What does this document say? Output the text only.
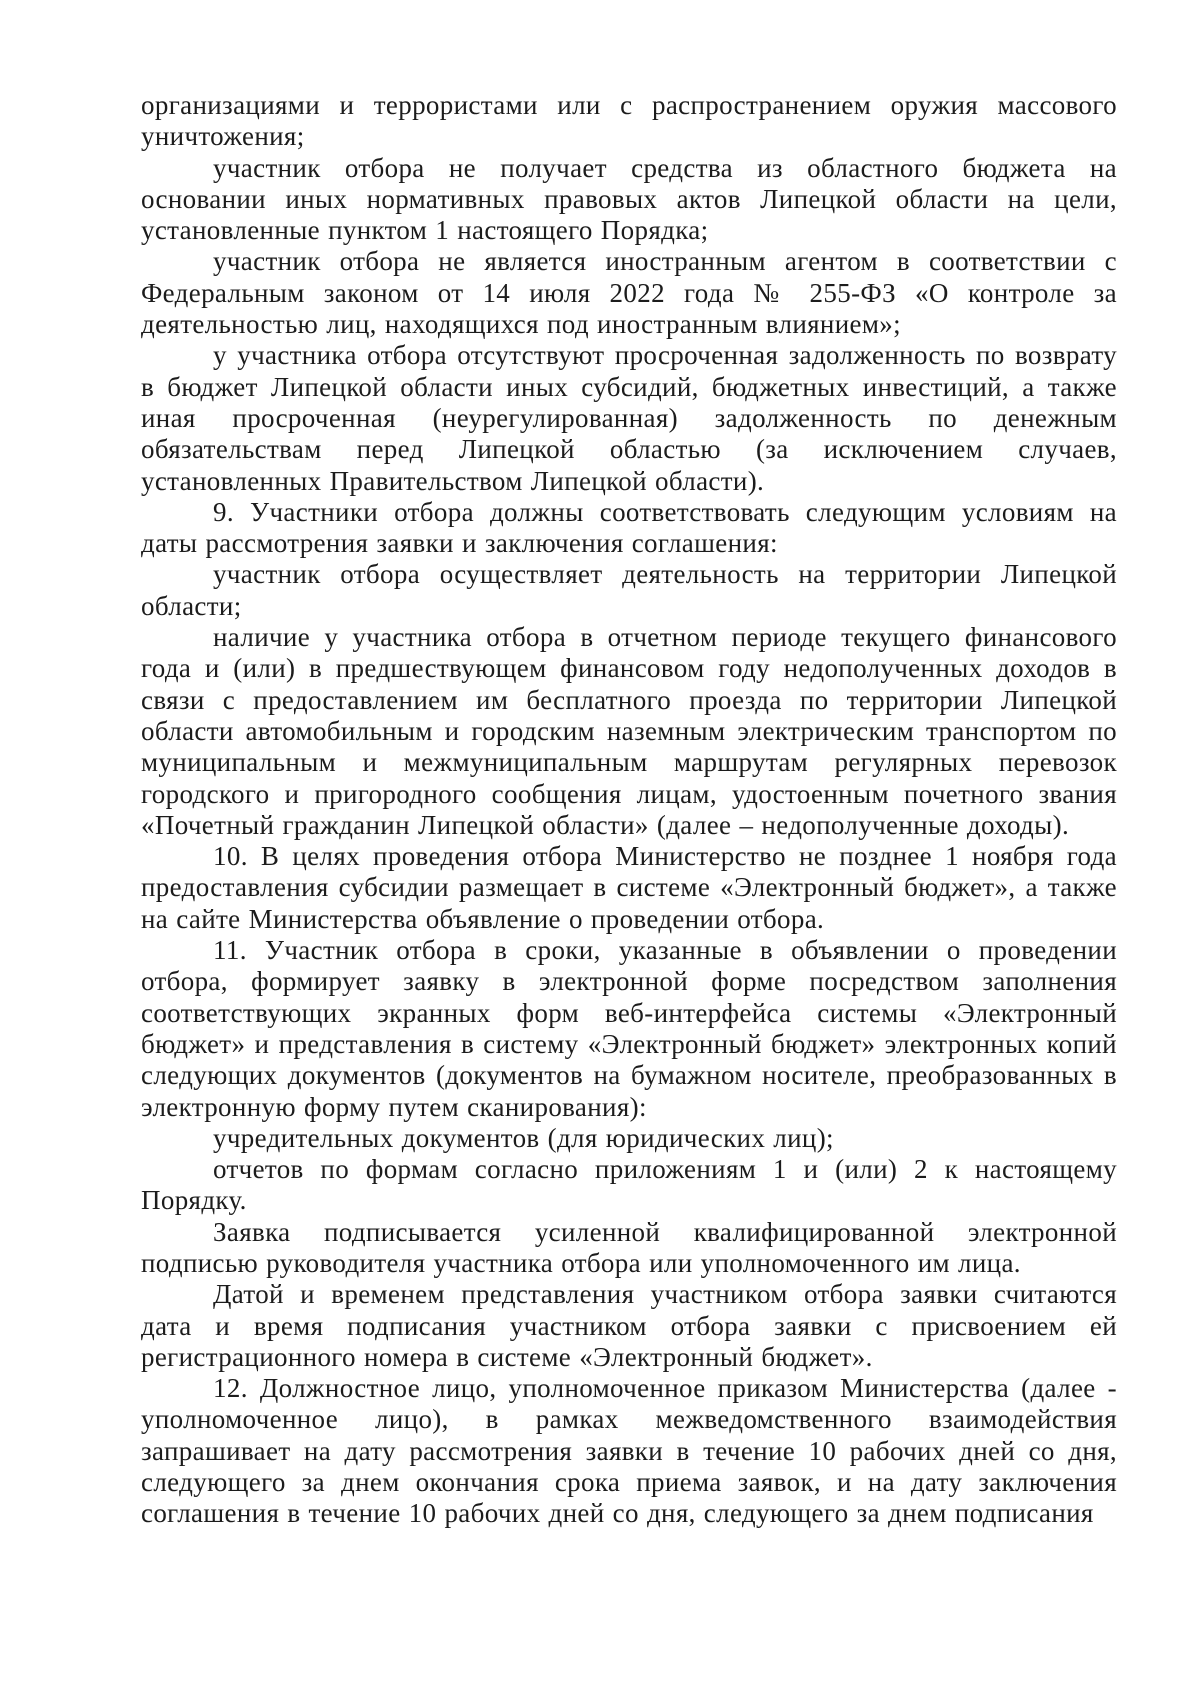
организациями и террористами или с распространением оружия массового уничтожения;

участник отбора не получает средства из областного бюджета на основании иных нормативных правовых актов Липецкой области на цели, установленные пунктом 1 настоящего Порядка;

участник отбора не является иностранным агентом в соответствии с Федеральным законом от 14 июля 2022 года № 255-ФЗ «О контроле за деятельностью лиц, находящихся под иностранным влиянием»;

у участника отбора отсутствуют просроченная задолженность по возврату в бюджет Липецкой области иных субсидий, бюджетных инвестиций, а также иная просроченная (неурегулированная) задолженность по денежным обязательствам перед Липецкой областью (за исключением случаев, установленных Правительством Липецкой области).

9. Участники отбора должны соответствовать следующим условиям на даты рассмотрения заявки и заключения соглашения:

участник отбора осуществляет деятельность на территории Липецкой области;

наличие у участника отбора в отчетном периоде текущего финансового года и (или) в предшествующем финансовом году недополученных доходов в связи с предоставлением им бесплатного проезда по территории Липецкой области автомобильным и городским наземным электрическим транспортом по муниципальным и межмуниципальным маршрутам регулярных перевозок городского и пригородного сообщения лицам, удостоенным почетного звания «Почетный гражданин Липецкой области» (далее – недополученные доходы).

10. В целях проведения отбора Министерство не позднее 1 ноября года предоставления субсидии размещает в системе «Электронный бюджет», а также на сайте Министерства объявление о проведении отбора.

11. Участник отбора в сроки, указанные в объявлении о проведении отбора, формирует заявку в электронной форме посредством заполнения соответствующих экранных форм веб-интерфейса системы «Электронный бюджет» и представления в систему «Электронный бюджет» электронных копий следующих документов (документов на бумажном носителе, преобразованных в электронную форму путем сканирования):

учредительных документов (для юридических лиц);

отчетов по формам согласно приложениям 1 и (или) 2 к настоящему Порядку.

Заявка подписывается усиленной квалифицированной электронной подписью руководителя участника отбора или уполномоченного им лица.

Датой и временем представления участником отбора заявки считаются дата и время подписания участником отбора заявки с присвоением ей регистрационного номера в системе «Электронный бюджет».

12. Должностное лицо, уполномоченное приказом Министерства (далее - уполномоченное лицо), в рамках межведомственного взаимодействия запрашивает на дату рассмотрения заявки в течение 10 рабочих дней со дня, следующего за днем окончания срока приема заявок, и на дату заключения соглашения в течение 10 рабочих дней со дня, следующего за днем подписания
